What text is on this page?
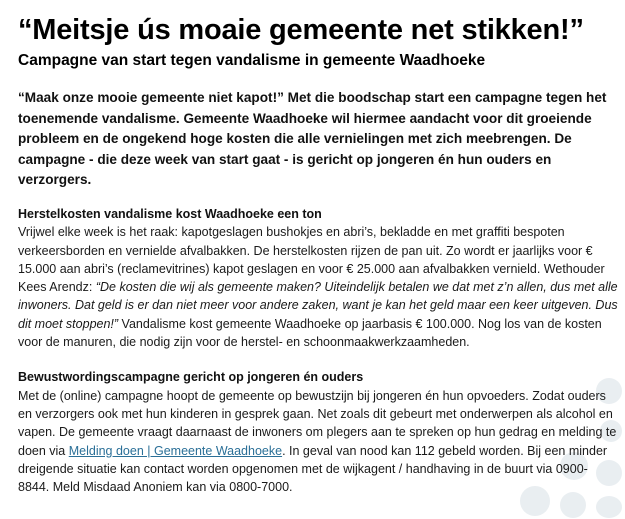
“Meitsje ús moaie gemeente net stikken!”
Campagne van start tegen vandalisme in gemeente Waadhoeke

“Maak onze mooie gemeente niet kapot!” Met die boodschap start een campagne tegen het toenemende vandalisme. Gemeente Waadhoeke wil hiermee aandacht voor dit groeiende probleem en de ongekend hoge kosten die alle vernielingen met zich meebrengen. De campagne - die deze week van start gaat - is gericht op jongeren én hun ouders en verzorgers.

Herstelkosten vandalisme kost Waadhoeke een ton

Vrijwel elke week is het raak: kapotgeslagen bushokjes en abri’s, bekladde en met graffiti bespoten verkeersborden en vernielde afvalbakken. De herstelkosten rijzen de pan uit. Zo wordt er jaarlijks voor € 15.000 aan abri’s (reclamevitrines) kapot geslagen en voor € 25.000 aan afvalbakken vernield. Wethouder Kees Arendz: “De kosten die wij als gemeente maken? Uiteindelijk betalen we dat met z’n allen, dus met alle inwoners. Dat geld is er dan niet meer voor andere zaken, want je kan het geld maar een keer uitgeven. Dus dit moet stoppen!” Vandalisme kost gemeente Waadhoeke op jaarbasis € 100.000. Nog los van de kosten voor de manuren, die nodig zijn voor de herstel- en schoonmaakwerkzaamheden.

Bewustwordingscampagne gericht op jongeren én ouders

Met de (online) campagne hoopt de gemeente op bewustzijn bij jongeren én hun opvoeders. Zodat ouders en verzorgers ook met hun kinderen in gesprek gaan. Net zoals dit gebeurt met onderwerpen als alcohol en vapen. De gemeente vraagt daarnaast de inwoners om plegers aan te spreken op hun gedrag en melding te doen via Melding doen | Gemeente Waadhoeke. In geval van nood kan 112 gebeld worden. Bij een minder dreigende situatie kan contact worden opgenomen met de wijkagent / handhaving in de buurt via 0900-8844. Meld Misdaad Anoniem kan via 0800-7000.
